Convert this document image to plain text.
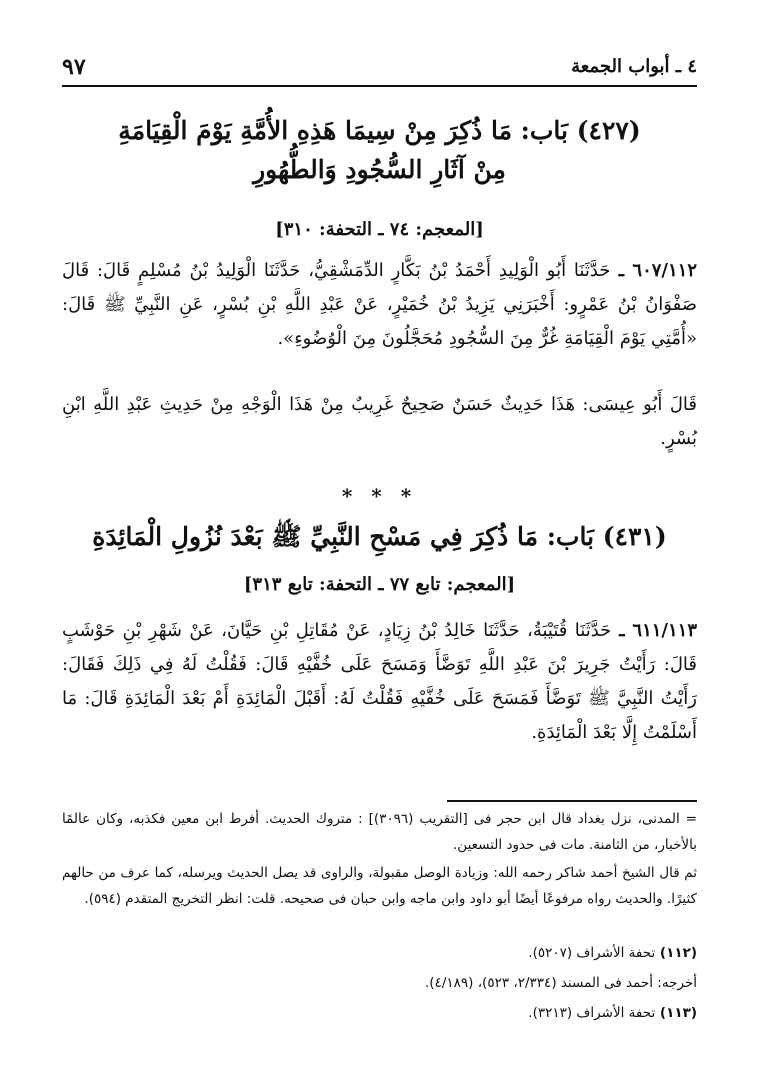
٤ ـ أبواب الجمعة
٩٧
(٤٢٧) بَاب: مَا ذُكِرَ مِنْ سِيمَا هَذِهِ الأُمَّةِ يَوْمَ الْقِيَامَةِ
مِنْ آثَارِ السُّجُودِ وَالطُّهُورِ
[المعجم: ٧٤ ـ التحفة: ٣١٠]
٦٠٧/١١٢ ـ حَدَّثَنَا أَبُو الْوَلِيدِ أَحْمَدُ بْنُ بَكَّارٍ الدِّمَشْقِيُّ، حَدَّثَنَا الْوَلِيدُ بْنُ مُسْلِمٍ قَالَ: قَالَ صَفْوَانُ بْنُ عَمْرٍو: أَخْبَرَنِي يَزِيدُ بْنُ خُمَيْرٍ، عَنْ عَبْدِ اللَّهِ بْنِ بُسْرٍ، عَنِ النَّبِيِّ ﷺ قَالَ: «أُمَّتِي يَوْمَ الْقِيَامَةِ غُرٌّ مِنَ السُّجُودِ مُحَجَّلُونَ مِنَ الْوُضُوءِ».
قَالَ أَبُو عِيسَى: هَذَا حَدِيثٌ حَسَنٌ صَحِيحٌ غَرِيبٌ مِنْ هَذَا الْوَجْهِ مِنْ حَدِيثِ عَبْدِ اللَّهِ ابْنِ بُسْرٍ.
* * *
(٤٣١) بَاب: مَا ذُكِرَ فِي مَسْحِ النَّبِيِّ ﷺ بَعْدَ نُزُولِ الْمَائِدَةِ
[المعجم: تابع ٧٧ ـ التحفة: تابع ٣١٣]
٦١١/١١٣ ـ حَدَّثَنَا قُتَيْبَةُ، حَدَّثَنَا خَالِدُ بْنُ زِيَادٍ، عَنْ مُقَاتِلِ بْنِ حَيَّانَ، عَنْ شَهْرِ بْنِ حَوْشَبٍ قَالَ: رَأَيْتُ جَرِيرَ بْنَ عَبْدِ اللَّهِ تَوَضَّأَ وَمَسَحَ عَلَى خُفَّيْهِ قَالَ: فَقُلْتُ لَهُ فِي ذَلِكَ فَقَالَ: رَأَيْتُ النَّبِيَّ ﷺ تَوَضَّأَ فَمَسَحَ عَلَى خُفَّيْهِ فَقُلْتُ لَهُ: أَقَبْلَ الْمَائِدَةِ أَمْ بَعْدَ الْمَائِدَةِ قَالَ: مَا أَسْلَمْتُ إِلَّا بَعْدَ الْمَائِدَةِ.
= المدنى، نزل بغداد قال ابن حجر فى [التقريب (٣٠٩٦)] : متروك الحديث. أفرط ابن معين فكذبه، وكان عالمًا بالأخبار، من الثامنة. مات فى حدود التسعين.
ثم قال الشيخ أحمد شاكر رحمه الله: وزيادة الوصل مقبولة، والراوى قد يصل الحديث ويرسله، كما عرف من حالهم كثيرًا. والحديث رواه مرفوعًا أيضًا أبو داود وابن ماجه وابن حبان فى صحيحه. قلت: انظر التخريج المتقدم (٥٩٤).
(١١٢) تحفة الأشراف (٥٢٠٧).
أخرجه: أحمد فى المسند (٢/٣٣٤، ٥٢٣)، (٤/١٨٩).
(١١٣) تحفة الأشراف (٣٢١٣).
